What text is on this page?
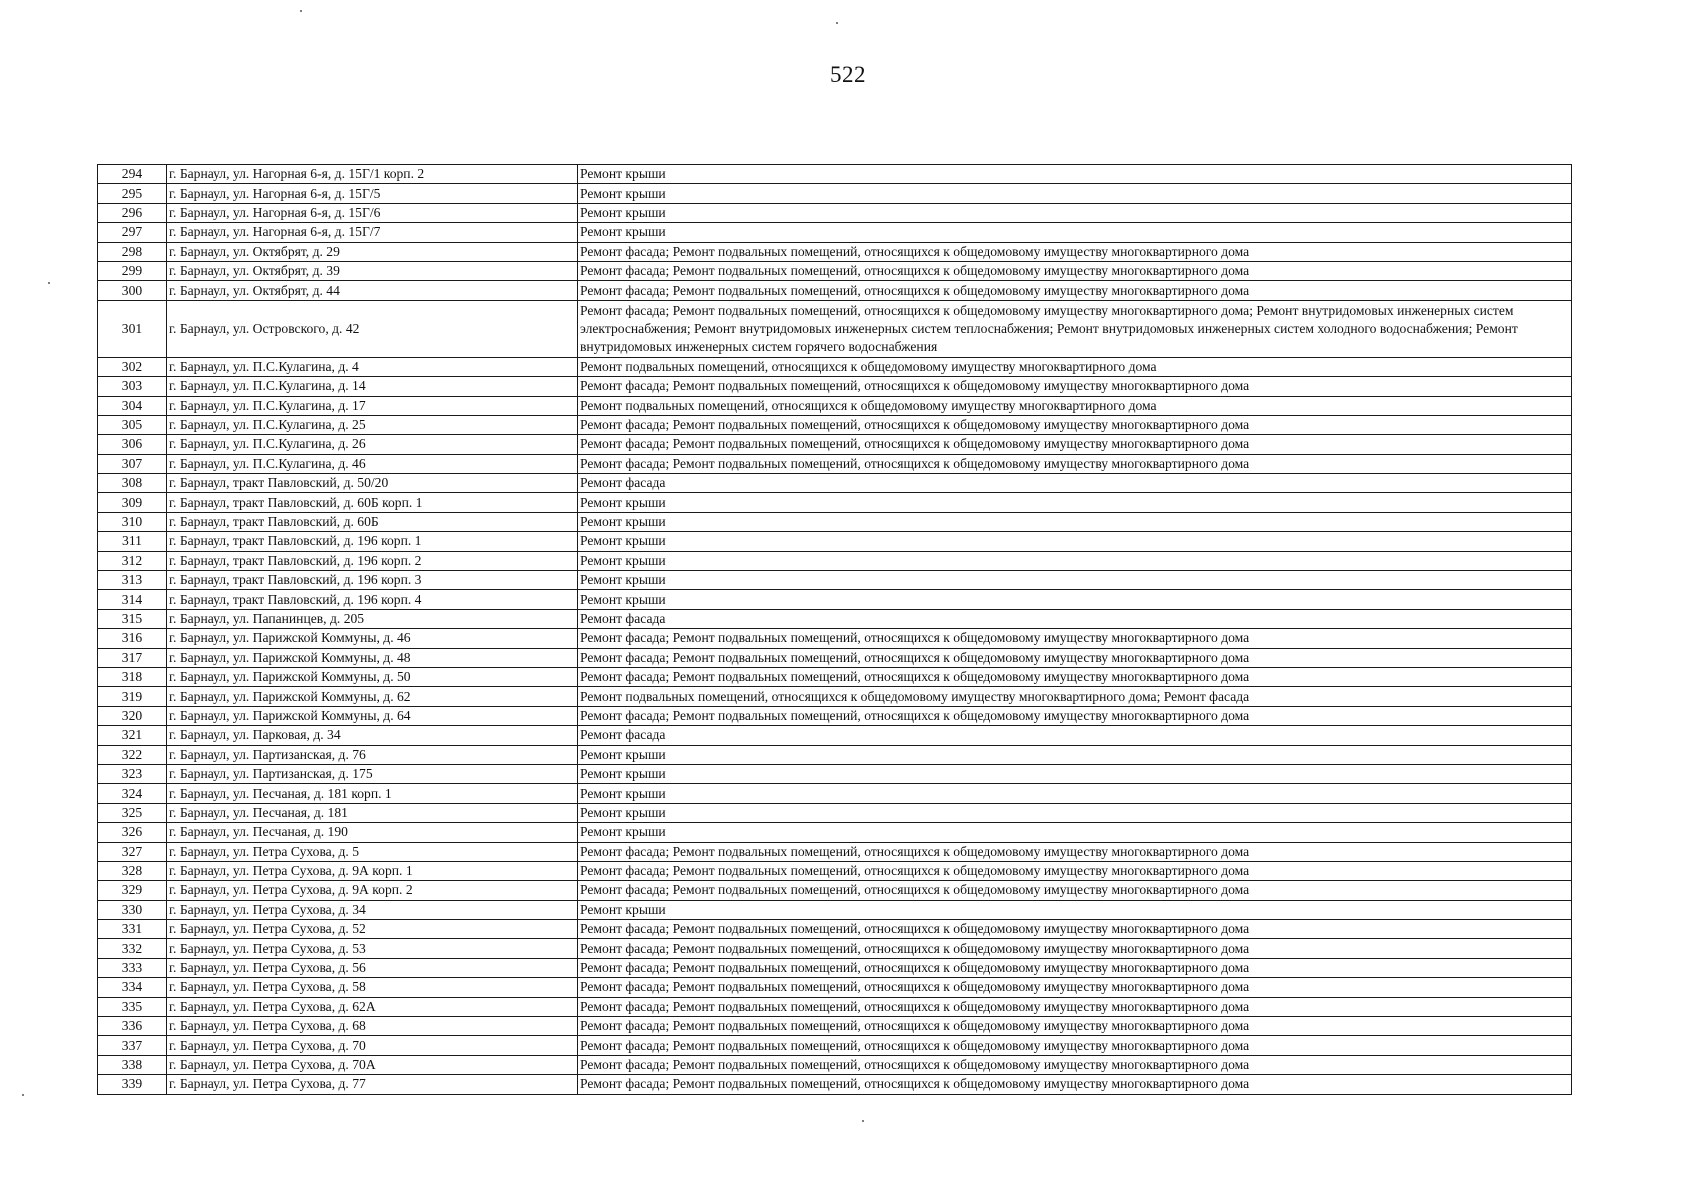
522
294	г. Барнаул, ул. Нагорная 6-я, д. 15Г/1 корп. 2	Ремонт крыши
295	г. Барнаул, ул. Нагорная 6-я, д. 15Г/5	Ремонт крыши
296	г. Барнаул, ул. Нагорная 6-я, д. 15Г/6	Ремонт крыши
297	г. Барнаул, ул. Нагорная 6-я, д. 15Г/7	Ремонт крыши
298	г. Барнаул, ул. Октябрят, д. 29	Ремонт фасада; Ремонт подвальных помещений, относящихся к общедомовому имуществу многоквартирного дома
299	г. Барнаул, ул. Октябрят, д. 39	Ремонт фасада; Ремонт подвальных помещений, относящихся к общедомовому имуществу многоквартирного дома
300	г. Барнаул, ул. Октябрят, д. 44	Ремонт фасада; Ремонт подвальных помещений, относящихся к общедомовому имуществу многоквартирного дома
301	г. Барнаул, ул. Островского, д. 42	Ремонт фасада; Ремонт подвальных помещений, относящихся к общедомовому имуществу многоквартирного дома; Ремонт внутридомовых инженерных систем электроснабжения; Ремонт внутридомовых инженерных систем теплоснабжения; Ремонт внутридомовых инженерных систем холодного водоснабжения; Ремонт внутридомовых инженерных систем горячего водоснабжения
302	г. Барнаул, ул. П.С.Кулагина, д. 4	Ремонт подвальных помещений, относящихся к общедомовому имуществу многоквартирного дома
303	г. Барнаул, ул. П.С.Кулагина, д. 14	Ремонт фасада; Ремонт подвальных помещений, относящихся к общедомовому имуществу многоквартирного дома
304	г. Барнаул, ул. П.С.Кулагина, д. 17	Ремонт подвальных помещений, относящихся к общедомовому имуществу многоквартирного дома
305	г. Барнаул, ул. П.С.Кулагина, д. 25	Ремонт фасада; Ремонт подвальных помещений, относящихся к общедомовому имуществу многоквартирного дома
306	г. Барнаул, ул. П.С.Кулагина, д. 26	Ремонт фасада; Ремонт подвальных помещений, относящихся к общедомовому имуществу многоквартирного дома
307	г. Барнаул, ул. П.С.Кулагина, д. 46	Ремонт фасада; Ремонт подвальных помещений, относящихся к общедомовому имуществу многоквартирного дома
308	г. Барнаул, тракт Павловский, д. 50/20	Ремонт фасада
309	г. Барнаул, тракт Павловский, д. 60Б корп. 1	Ремонт крыши
310	г. Барнаул, тракт Павловский, д. 60Б	Ремонт крыши
311	г. Барнаул, тракт Павловский, д. 196 корп. 1	Ремонт крыши
312	г. Барнаул, тракт Павловский, д. 196 корп. 2	Ремонт крыши
313	г. Барнаул, тракт Павловский, д. 196 корп. 3	Ремонт крыши
314	г. Барнаул, тракт Павловский, д. 196 корп. 4	Ремонт крыши
315	г. Барнаул, ул. Папанинцев, д. 205	Ремонт фасада
316	г. Барнаул, ул. Парижской Коммуны, д. 46	Ремонт фасада; Ремонт подвальных помещений, относящихся к общедомовому имуществу многоквартирного дома
317	г. Барнаул, ул. Парижской Коммуны, д. 48	Ремонт фасада; Ремонт подвальных помещений, относящихся к общедомовому имуществу многоквартирного дома
318	г. Барнаул, ул. Парижской Коммуны, д. 50	Ремонт фасада; Ремонт подвальных помещений, относящихся к общедомовому имуществу многоквартирного дома
319	г. Барнаул, ул. Парижской Коммуны, д. 62	Ремонт подвальных помещений, относящихся к общедомовому имуществу многоквартирного дома; Ремонт фасада
320	г. Барнаул, ул. Парижской Коммуны, д. 64	Ремонт фасада; Ремонт подвальных помещений, относящихся к общедомовому имуществу многоквартирного дома
321	г. Барнаул, ул. Парковая, д. 34	Ремонт фасада
322	г. Барнаул, ул. Партизанская, д. 76	Ремонт крыши
323	г. Барнаул, ул. Партизанская, д. 175	Ремонт крыши
324	г. Барнаул, ул. Песчаная, д. 181 корп. 1	Ремонт крыши
325	г. Барнаул, ул. Песчаная, д. 181	Ремонт крыши
326	г. Барнаул, ул. Песчаная, д. 190	Ремонт крыши
327	г. Барнаул, ул. Петра Сухова, д. 5	Ремонт фасада; Ремонт подвальных помещений, относящихся к общедомовому имуществу многоквартирного дома
328	г. Барнаул, ул. Петра Сухова, д. 9А корп. 1	Ремонт фасада; Ремонт подвальных помещений, относящихся к общедомовому имуществу многоквартирного дома
329	г. Барнаул, ул. Петра Сухова, д. 9А корп. 2	Ремонт фасада; Ремонт подвальных помещений, относящихся к общедомовому имуществу многоквартирного дома
330	г. Барнаул, ул. Петра Сухова, д. 34	Ремонт крыши
331	г. Барнаул, ул. Петра Сухова, д. 52	Ремонт фасада; Ремонт подвальных помещений, относящихся к общедомовому имуществу многоквартирного дома
332	г. Барнаул, ул. Петра Сухова, д. 53	Ремонт фасада; Ремонт подвальных помещений, относящихся к общедомовому имуществу многоквартирного дома
333	г. Барнаул, ул. Петра Сухова, д. 56	Ремонт фасада; Ремонт подвальных помещений, относящихся к общедомовому имуществу многоквартирного дома
334	г. Барнаул, ул. Петра Сухова, д. 58	Ремонт фасада; Ремонт подвальных помещений, относящихся к общедомовому имуществу многоквартирного дома
335	г. Барнаул, ул. Петра Сухова, д. 62А	Ремонт фасада; Ремонт подвальных помещений, относящихся к общедомовому имуществу многоквартирного дома
336	г. Барнаул, ул. Петра Сухова, д. 68	Ремонт фасада; Ремонт подвальных помещений, относящихся к общедомовому имуществу многоквартирного дома
337	г. Барнаул, ул. Петра Сухова, д. 70	Ремонт фасада; Ремонт подвальных помещений, относящихся к общедомовому имуществу многоквартирного дома
338	г. Барнаул, ул. Петра Сухова, д. 70А	Ремонт фасада; Ремонт подвальных помещений, относящихся к общедомовому имуществу многоквартирного дома
339	г. Барнаул, ул. Петра Сухова, д. 77	Ремонт фасада; Ремонт подвальных помещений, относящихся к общедомовому имуществу многоквартирного дома
